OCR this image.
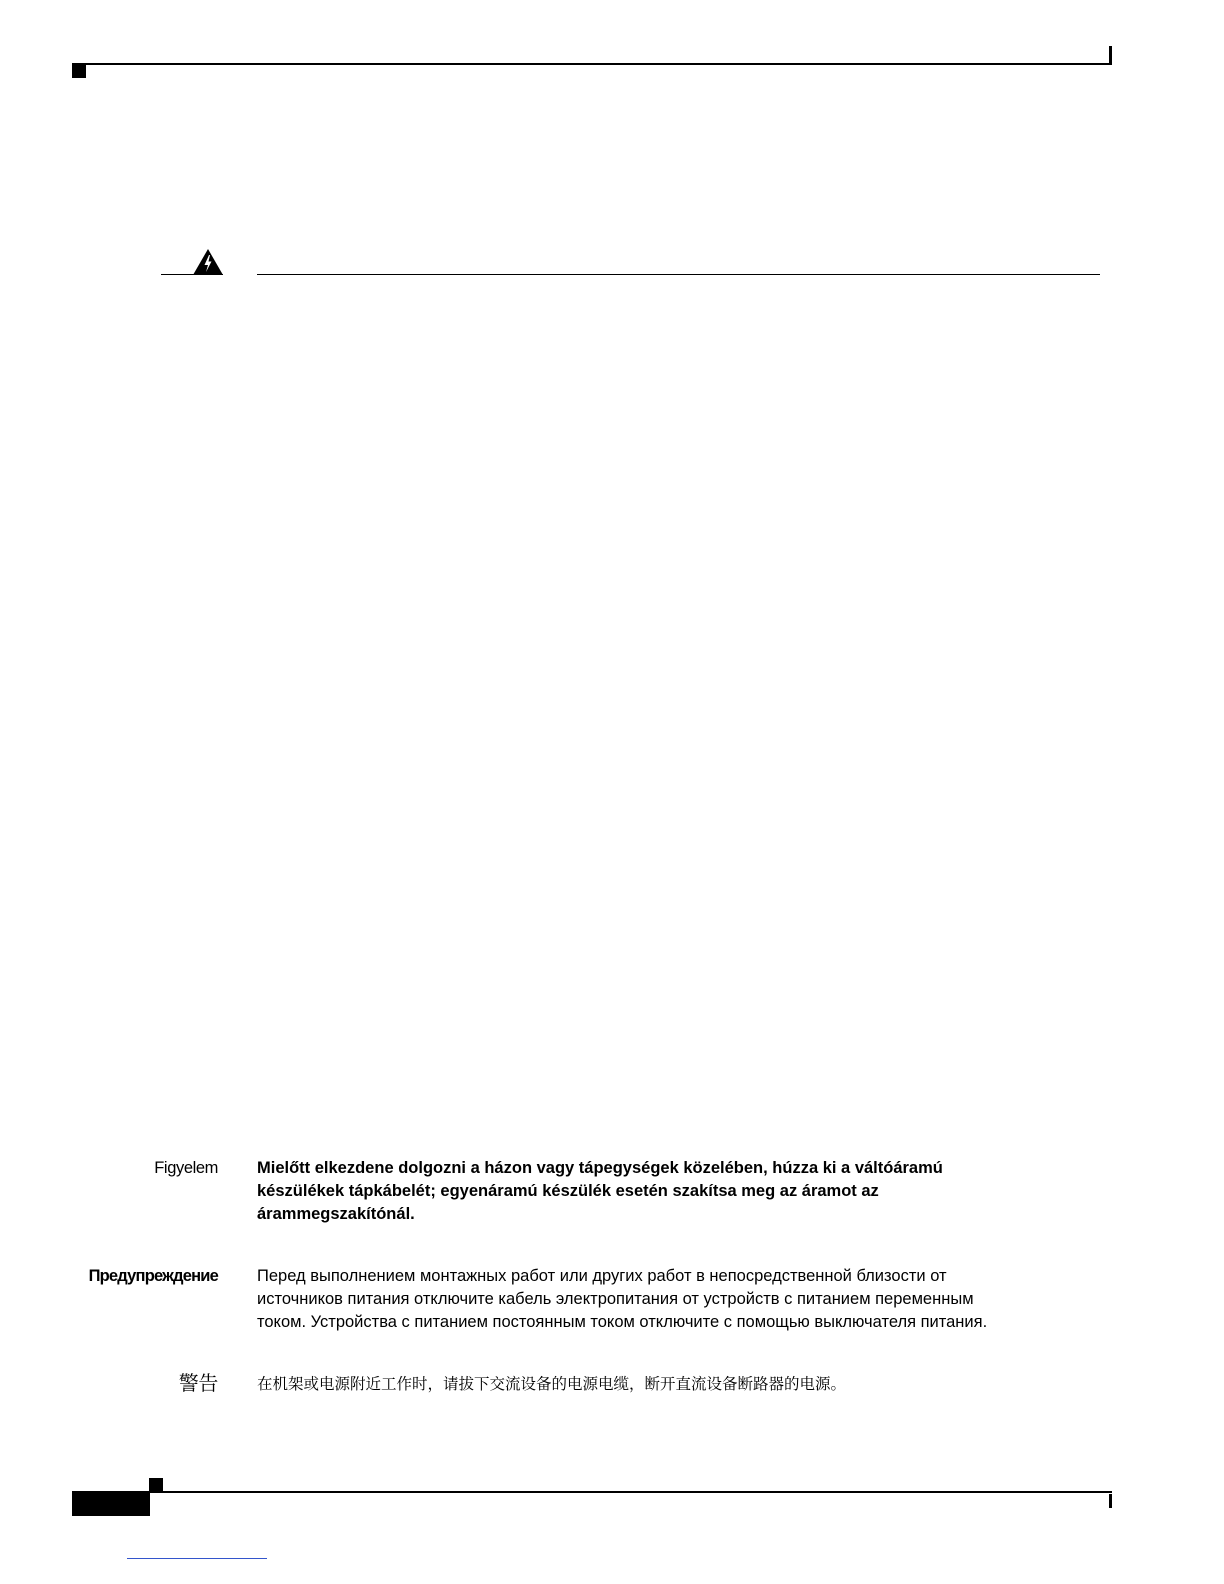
Figyelem Mielőtt elkezdene dolgozni a házon vagy tápegységek közelében, húzza ki a váltóáramú
készülékek tápkábelét; egyenáramú készülék esetén szakítsa meg az áramot az
árammegszakítónál.

Предупреждение Перед выполнением монтажных работ или других работ в непосредственной близости от
источников питания отключите кабель электропитания от устройств с питанием переменным
током. Устройства с питанием постоянным током отключите с помощью выключателя питания.

警告	在机架或电源附近工作时，请拔下交流设备的电源电缆，断开直流设备断路器的电源。
